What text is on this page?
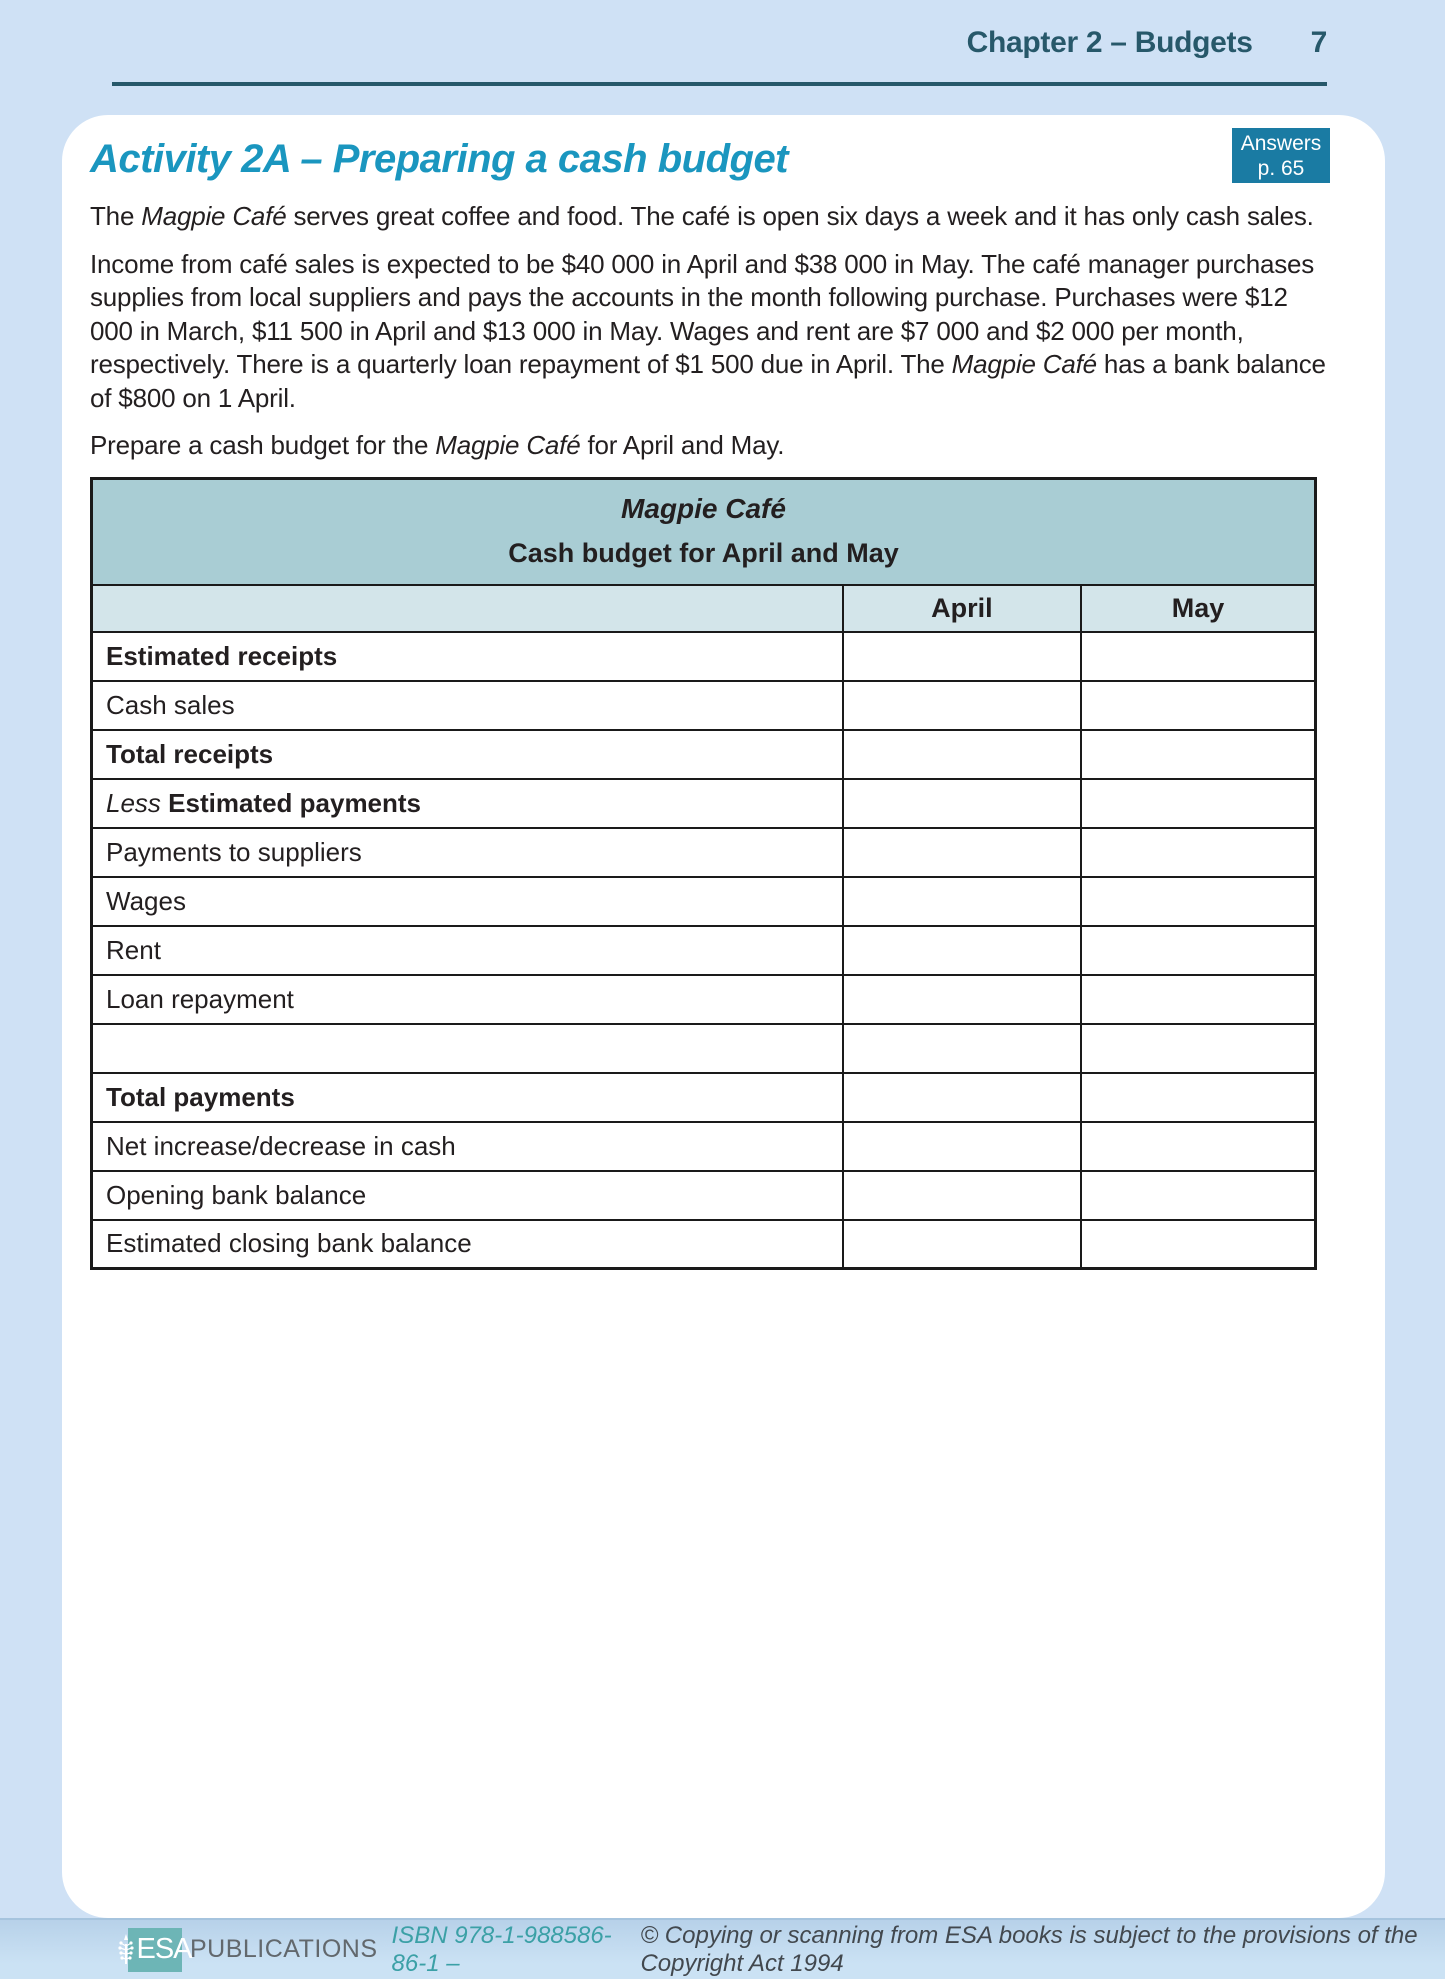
Chapter 2 – Budgets 7
Answers
p. 65
Activity 2A – Preparing a cash budget
The Magpie Café serves great coffee and food. The café is open six days a week and it has only cash sales.
Income from café sales is expected to be $40 000 in April and $38 000 in May. The café manager purchases supplies from local suppliers and pays the accounts in the month following purchase. Purchases were $12 000 in March, $11 500 in April and $13 000 in May. Wages and rent are $7 000 and $2 000 per month, respectively. There is a quarterly loan repayment of $1 500 due in April. The Magpie Café has a bank balance of $800 on 1 April.
Prepare a cash budget for the Magpie Café for April and May.
Magpie Café
Cash budget for April and May		

	April	May
Estimated receipts		
Cash sales		
Total receipts		
Less Estimated payments		
Payments to suppliers		
Wages		
Rent		
Loan repayment		

Total payments		
Net increase/decrease in cash		
Opening bank balance		
Estimated closing bank balance		
ESA
PUBLICATIONS ISBN 978-1-988586-86-1 –
© Copying or scanning from ESA books is subject to the provisions of the Copyright Act 1994
